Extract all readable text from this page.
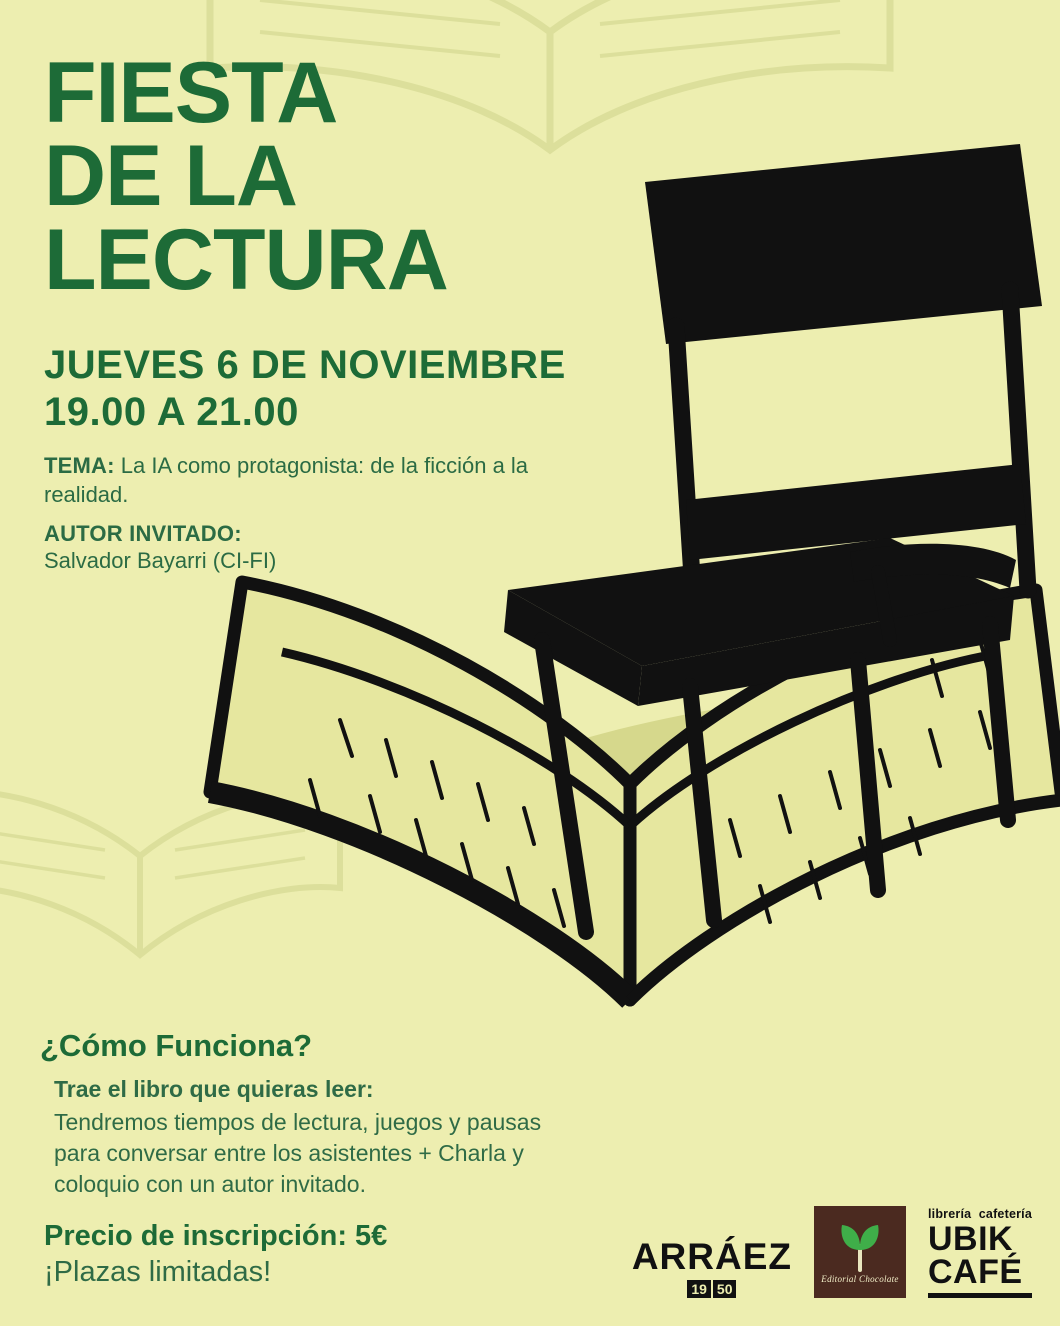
FIESTA
DE LA
LECTURA
JUEVES 6 DE NOVIEMBRE
19.00 A 21.00
TEMA: La IA como protagonista: de la ficción a la realidad.
AUTOR INVITADO:
Salvador Bayarri (CI-FI)
¿Cómo Funciona?
Trae el libro que quieras leer:
Tendremos tiempos de lectura, juegos y pausas
para conversar entre los asistentes + Charla y
coloquio con un autor invitado.
Precio de inscripción: 5€
¡Plazas limitadas!	ARRÁEZ
19 50
Editorial Chocolate
librería cafetería
UBIK
CAFÉ
